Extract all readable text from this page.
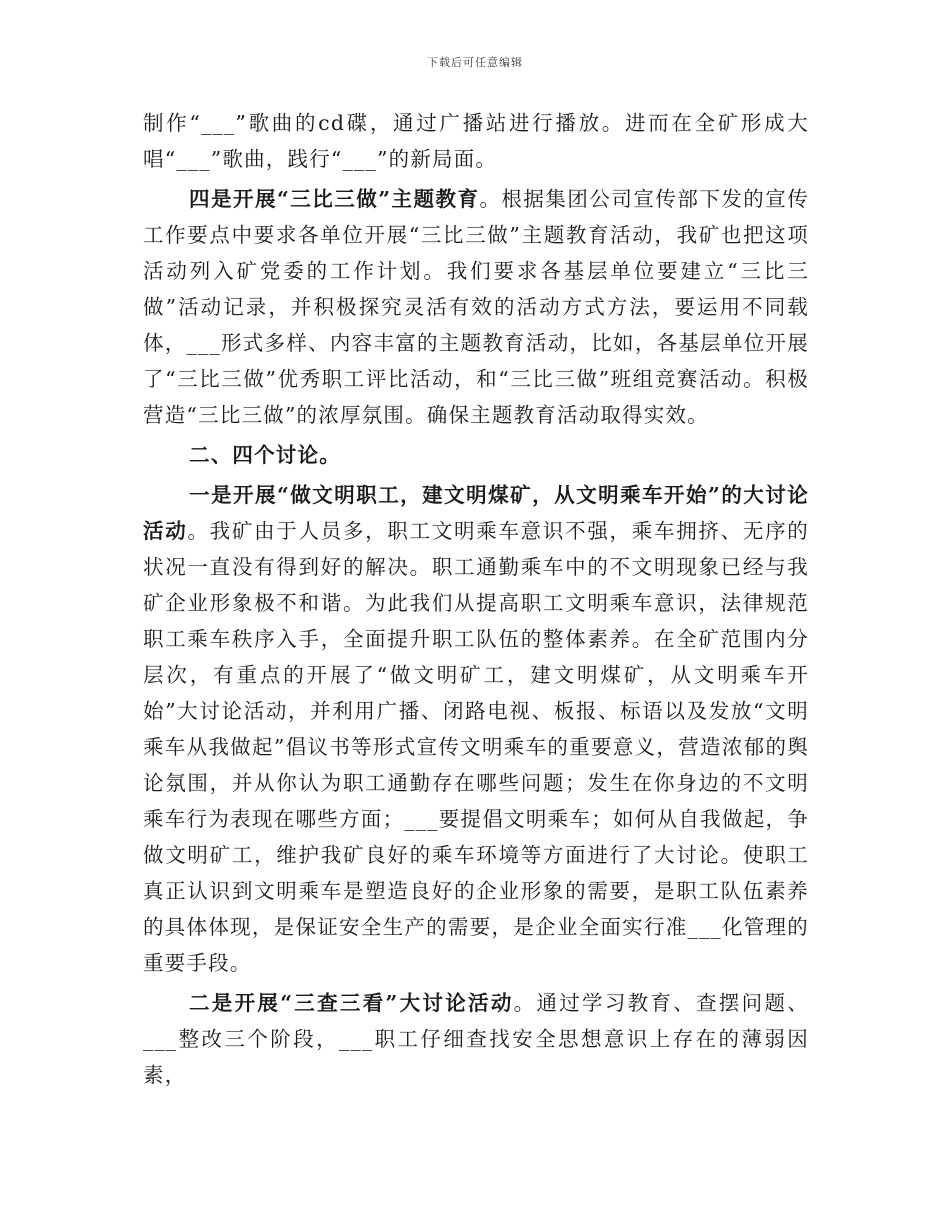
下载后可任意编辑

制作“___”歌曲的cd碟，通过广播站进行播放。进而在全矿形成大唱“___”歌曲，践行“___”的新局面。

四是开展“三比三做”主题教育。根据集团公司宣传部下发的宣传工作要点中要求各单位开展“三比三做”主题教育活动，我矿也把这项活动列入矿党委的工作计划。我们要求各基层单位要建立“三比三做”活动记录，并积极探究灵活有效的活动方式方法，要运用不同载体，___形式多样、内容丰富的主题教育活动，比如，各基层单位开展了“三比三做”优秀职工评比活动，和“三比三做”班组竞赛活动。积极营造“三比三做”的浓厚氛围。确保主题教育活动取得实效。

二、四个讨论。

一是开展“做文明职工，建文明煤矿，从文明乘车开始”的大讨论活动。我矿由于人员多，职工文明乘车意识不强，乘车拥挤、无序的状况一直没有得到好的解决。职工通勤乘车中的不文明现象已经与我矿企业形象极不和谐。为此我们从提高职工文明乘车意识，法律规范职工乘车秩序入手，全面提升职工队伍的整体素养。在全矿范围内分层次，有重点的开展了“做文明矿工，建文明煤矿，从文明乘车开始”大讨论活动，并利用广播、闭路电视、板报、标语以及发放“文明乘车从我做起”倡议书等形式宣传文明乘车的重要意义，营造浓郁的舆论氛围，并从你认为职工通勤存在哪些问题；发生在你身边的不文明乘车行为表现在哪些方面；___要提倡文明乘车；如何从自我做起，争做文明矿工，维护我矿良好的乘车环境等方面进行了大讨论。使职工真正认识到文明乘车是塑造良好的企业形象的需要，是职工队伍素养的具体体现，是保证安全生产的需要，是企业全面实行准___化管理的重要手段。

二是开展“三查三看”大讨论活动。通过学习教育、查摆问题、___整改三个阶段，___职工仔细查找安全思想意识上存在的薄弱因素，
